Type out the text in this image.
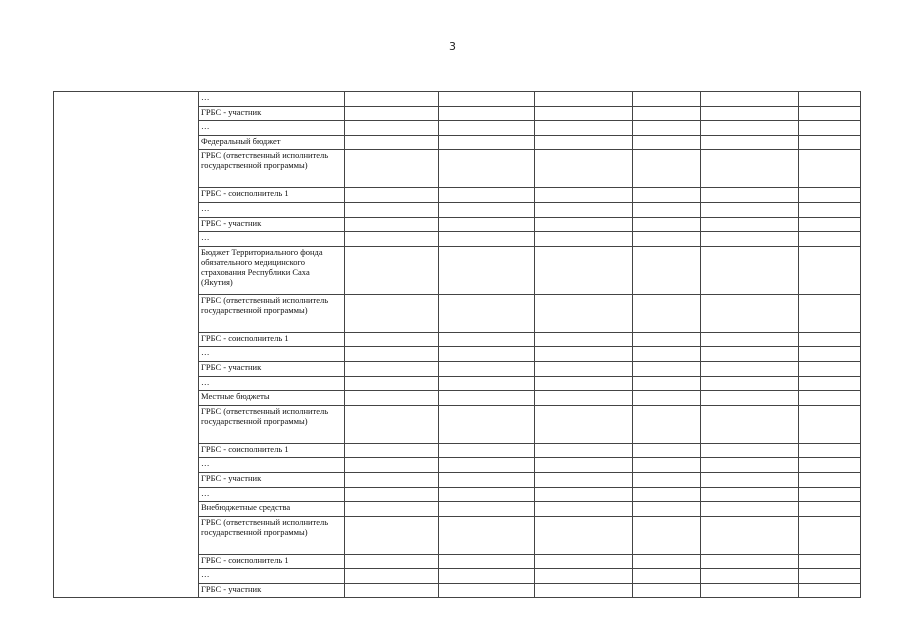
3
	…						
	ГРБС - участник						
	…						
	Федеральный бюджет						
	ГРБС (ответственный исполнитель государственной программы)						
	ГРБС - соисполнитель 1						
	…						
	ГРБС - участник						
	…						
	Бюджет Территориального фонда обязательного медицинского страхования Республики Саха (Якутия)						
	ГРБС (ответственный исполнитель государственной программы)						
	ГРБС - соисполнитель 1						
	…						
	ГРБС - участник						
	…						
	Местные бюджеты						
	ГРБС (ответственный исполнитель государственной программы)						
	ГРБС - соисполнитель 1						
	…						
	ГРБС - участник						
	…						
	Внебюджетные средства						
	ГРБС (ответственный исполнитель государственной программы)						
	ГРБС - соисполнитель 1						
	…						
	ГРБС - участник						
